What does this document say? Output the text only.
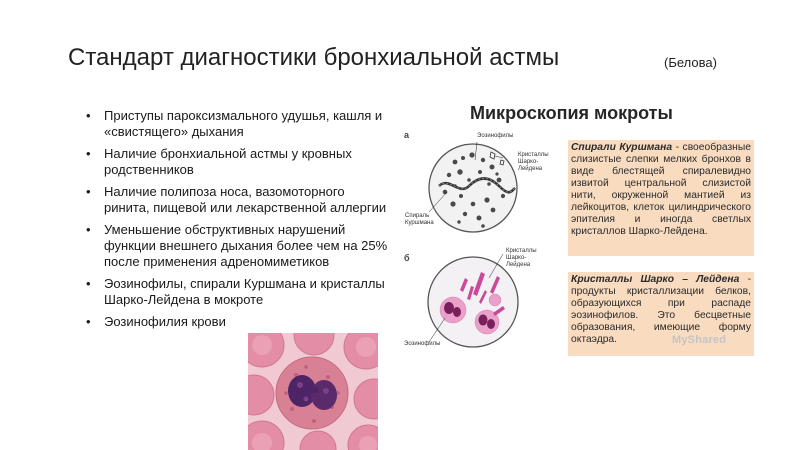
Стандарт диагностики бронхиальной астмы	(Белова)
• Приступы пароксизмального удушья, кашля и «свистящего» дыхания
• Наличие бронхиальной астмы у кровных родственников
• Наличие полипоза носа, вазомоторного ринита, пищевой или лекарственной аллергии
• Уменьшение обструктивных нарушений функции внешнего дыхания более чем на 25% после применения адреномиметиков
• Эозинофилы, спирали Куршмана и кристаллы Шарко-Лейдена в мокроте
• Эозинофилия крови
Микроскопия мокроты
а
б
Эозинофилы
Кристаллы Шарко-Лейдена
Спираль Куршмана
Кристаллы Шарко-Лейдена
Эозинофилы
Спирали Куршмана - своеобразные слизистые слепки мелких бронхов в виде блестящей спиралевидно извитой центральной слизистой нити, окруженной мантией из лейкоцитов, клеток цилиндрического эпителия и иногда светлых кристаллов Шарко-Лейдена.
Кристаллы Шарко – Лейдена - продукты кристаллизации белков, образующихся при распаде эозинофилов. Это бесцветные образования, имеющие форму октаэдра.	MyShared
